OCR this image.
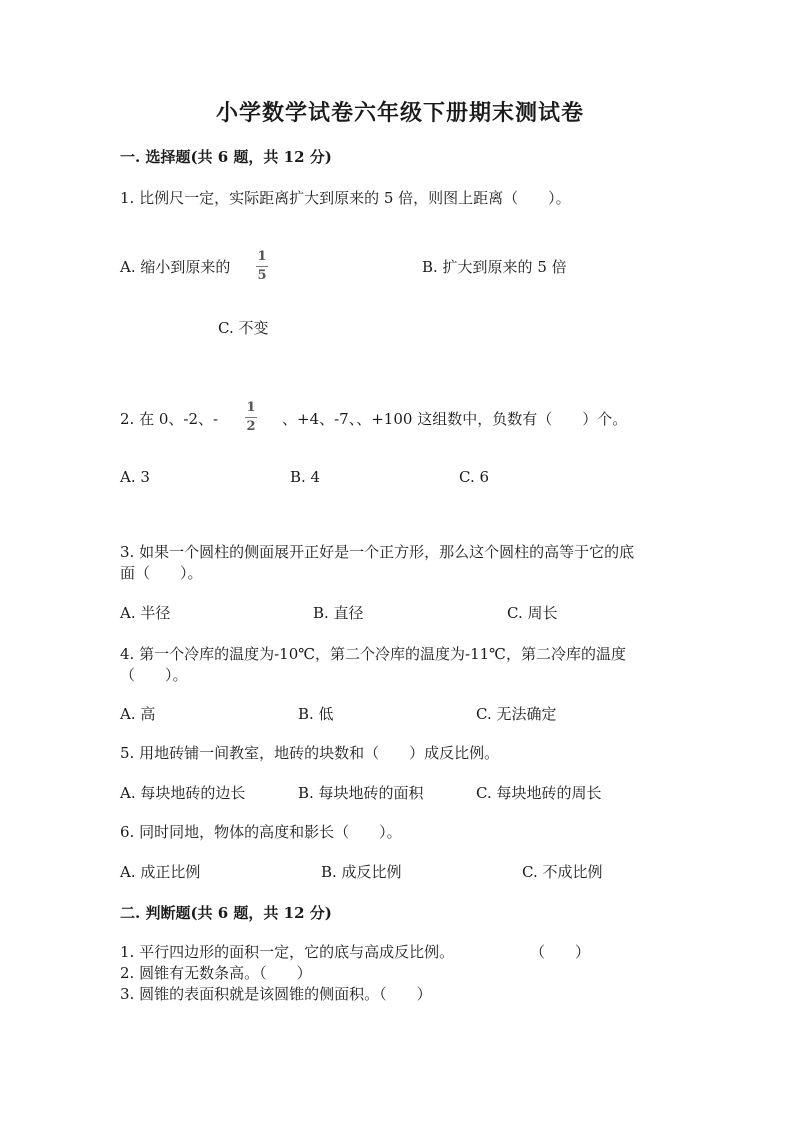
小学数学试卷六年级下册期末测试卷
一. 选择题(共 6 题，共 12 分)
1. 比例尺一定，实际距离扩大到原来的 5 倍，则图上距离（　　）。
A. 缩小到原来的
1
5	B. 扩大到原来的 5 倍
C. 不变
2. 在 0、-2、-
1
2 、+4、-7、、+100 这组数中，负数有（　　）个。
A. 3	B. 4	C. 6
3. 如果一个圆柱的侧面展开正好是一个正方形，那么这个圆柱的高等于它的底
面（　　）。
A. 半径	B. 直径	C. 周长
4. 第一个冷库的温度为-10℃，第二个冷库的温度为-11℃，第二冷库的温度
（　　）。
A. 高	B. 低	C. 无法确定
5. 用地砖铺一间教室，地砖的块数和（　　）成反比例。
A. 每块地砖的边长	B. 每块地砖的面积	C. 每块地砖的周长
6. 同时同地，物体的高度和影长（　　）。
A. 成正比例	B. 成反比例	C. 不成比例
二. 判断题(共 6 题，共 12 分)
1. 平行四边形的面积一定，它的底与高成反比例。	（　　）
2. 圆锥有无数条高。（　　）
3. 圆锥的表面积就是该圆锥的侧面积。（　　）
